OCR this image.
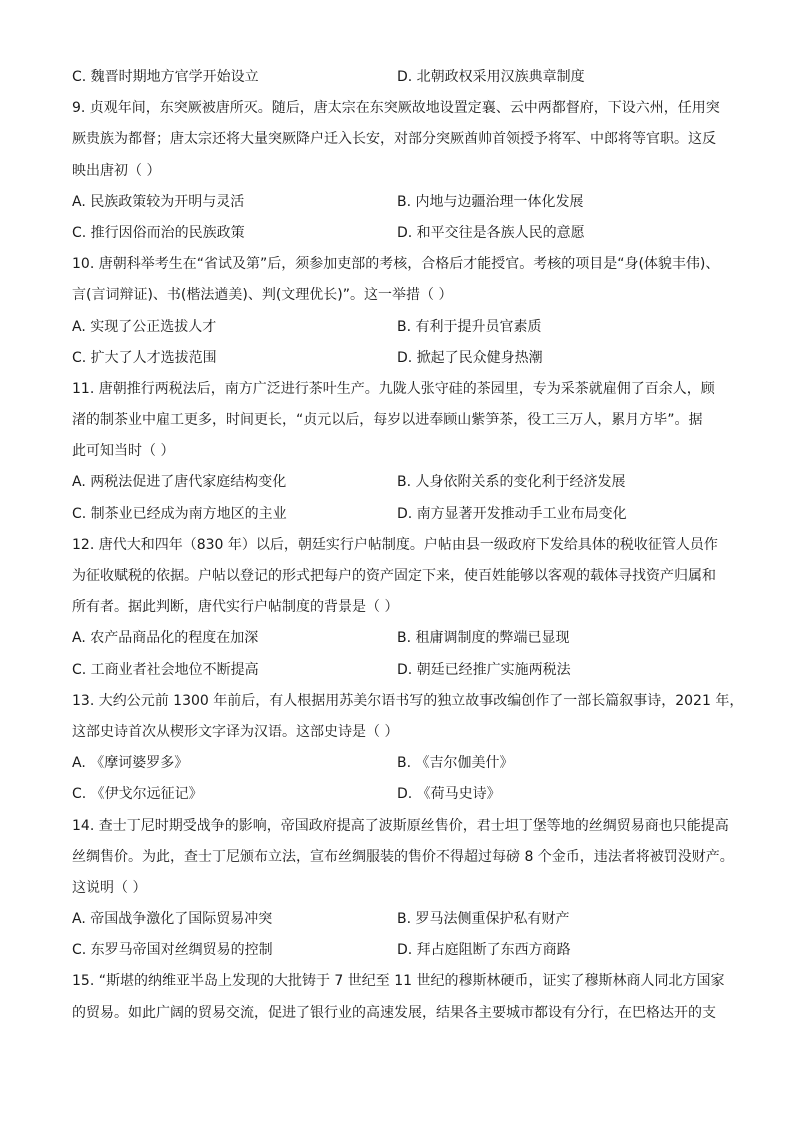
C. 魏晋时期地方官学开始设立	D. 北朝政权采用汉族典章制度
9. 贞观年间，东突厥被唐所灭。随后，唐太宗在东突厥故地设置定襄、云中两都督府，下设六州，任用突
厥贵族为都督；唐太宗还将大量突厥降户迁入长安，对部分突厥酋帅首领授予将军、中郎将等官职。这反
映出唐初（ ）
A. 民族政策较为开明与灵活	B. 内地与边疆治理一体化发展
C. 推行因俗而治的民族政策	D. 和平交往是各族人民的意愿
10. 唐朝科举考生在“省试及第”后，须参加吏部的考核，合格后才能授官。考核的项目是“身(体貌丰伟)、
言(言词辩证)、书(楷法遒美)、判(文理优长)”。这一举措（ ）
A. 实现了公正选拔人才	B. 有利于提升员官素质
C. 扩大了人才选拔范围	D. 掀起了民众健身热潮
11. 唐朝推行两税法后，南方广泛进行茶叶生产。九陇人张守硅的茶园里，专为采茶就雇佣了百余人，顾
渚的制茶业中雇工更多，时间更长，“贞元以后，每岁以进奉顾山紫笋茶，役工三万人，累月方毕”。据
此可知当时（ ）
A. 两税法促进了唐代家庭结构变化	B. 人身依附关系的变化利于经济发展
C. 制茶业已经成为南方地区的主业	D. 南方显著开发推动手工业布局变化
12. 唐代大和四年（830 年）以后，朝廷实行户帖制度。户帖由县一级政府下发给具体的税收征管人员作
为征收赋税的依据。户帖以登记的形式把每户的资产固定下来，使百姓能够以客观的载体寻找资产归属和
所有者。据此判断，唐代实行户帖制度的背景是（ ）
A. 农产品商品化的程度在加深	B. 租庸调制度的弊端已显现
C. 工商业者社会地位不断提高	D. 朝廷已经推广实施两税法
13. 大约公元前 1300 年前后，有人根据用苏美尔语书写的独立故事改编创作了一部长篇叙事诗，2021 年，
这部史诗首次从楔形文字译为汉语。这部史诗是（ ）
A. 《摩诃婆罗多》	B. 《吉尔伽美什》
C. 《伊戈尔远征记》	D. 《荷马史诗》
14. 查士丁尼时期受战争的影响，帝国政府提高了波斯原丝售价，君士坦丁堡等地的丝绸贸易商也只能提高
丝绸售价。为此，查士丁尼颁布立法，宣布丝绸服装的售价不得超过每磅 8 个金币，违法者将被罚没财产。
这说明（ ）
A. 帝国战争激化了国际贸易冲突	B. 罗马法侧重保护私有财产
C. 东罗马帝国对丝绸贸易的控制	D. 拜占庭阻断了东西方商路
15. “斯堪的纳维亚半岛上发现的大批铸于 7 世纪至 11 世纪的穆斯林硬币，证实了穆斯林商人同北方国家
的贸易。如此广阔的贸易交流，促进了银行业的高速发展，结果各主要城市都设有分行，在巴格达开的支
